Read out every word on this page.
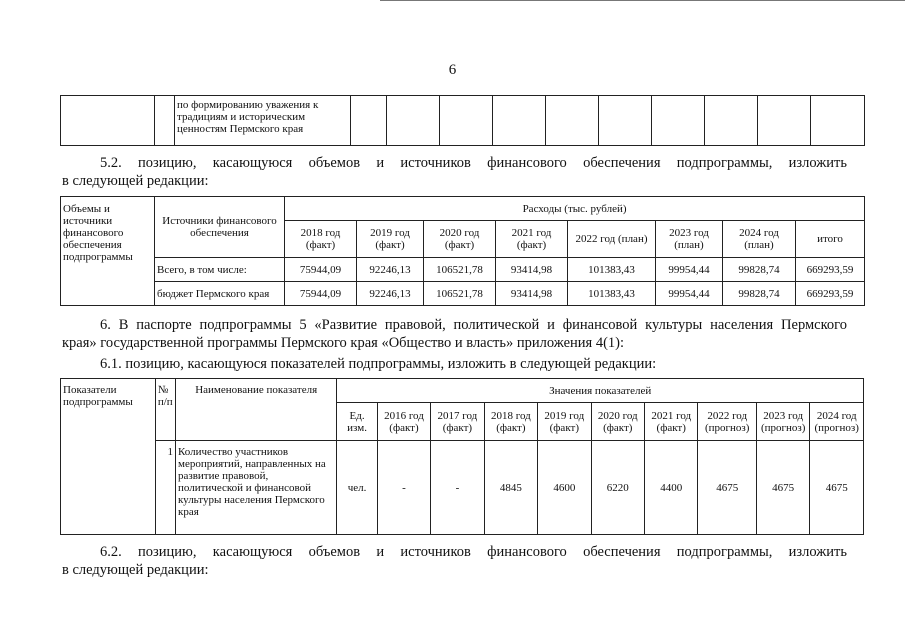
6
		по формированию уважения к традициям и историческим ценностям Пермского края										
5.2. позицию, касающуюся объемов и источников финансового обеспечения подпрограммы, изложить
в следующей редакции:
Объемы и источники финансового обеспечения подпрограммы	Источники финансового обеспечения	Расходы (тыс. рублей)							
		2018 год (факт)	2019 год (факт)	2020 год (факт)	2021 год (факт)	2022 год (план)	2023 год (план)	2024 год (план)	итого
	Всего, в том числе:	75944,09	92246,13	106521,78	93414,98	101383,43	99954,44	99828,74	669293,59
	бюджет Пермского края	75944,09	92246,13	106521,78	93414,98	101383,43	99954,44	99828,74	669293,59
6. В паспорте подпрограммы 5 «Развитие правовой, политической и финансовой культуры населения Пермского
края» государственной программы Пермского края «Общество и власть» приложения 4(1):
6.1. позицию, касающуюся показателей подпрограммы, изложить в следующей редакции:
Показатели подпрограммы	№ п/п	Наименование показателя	Значения показателей									
			Ед. изм.	2016 год (факт)	2017 год (факт)	2018 год (факт)	2019 год (факт)	2020 год (факт)	2021 год (факт)	2022 год (прогноз)	2023 год (прогноз)	2024 год (прогноз)
	1	Количество участников мероприятий, направленных на развитие правовой, политической и финансовой культуры населения Пермского края	чел.	-	-	4845	4600	6220	4400	4675	4675	4675
6.2. позицию, касающуюся объемов и источников финансового обеспечения подпрограммы, изложить
в следующей редакции:
